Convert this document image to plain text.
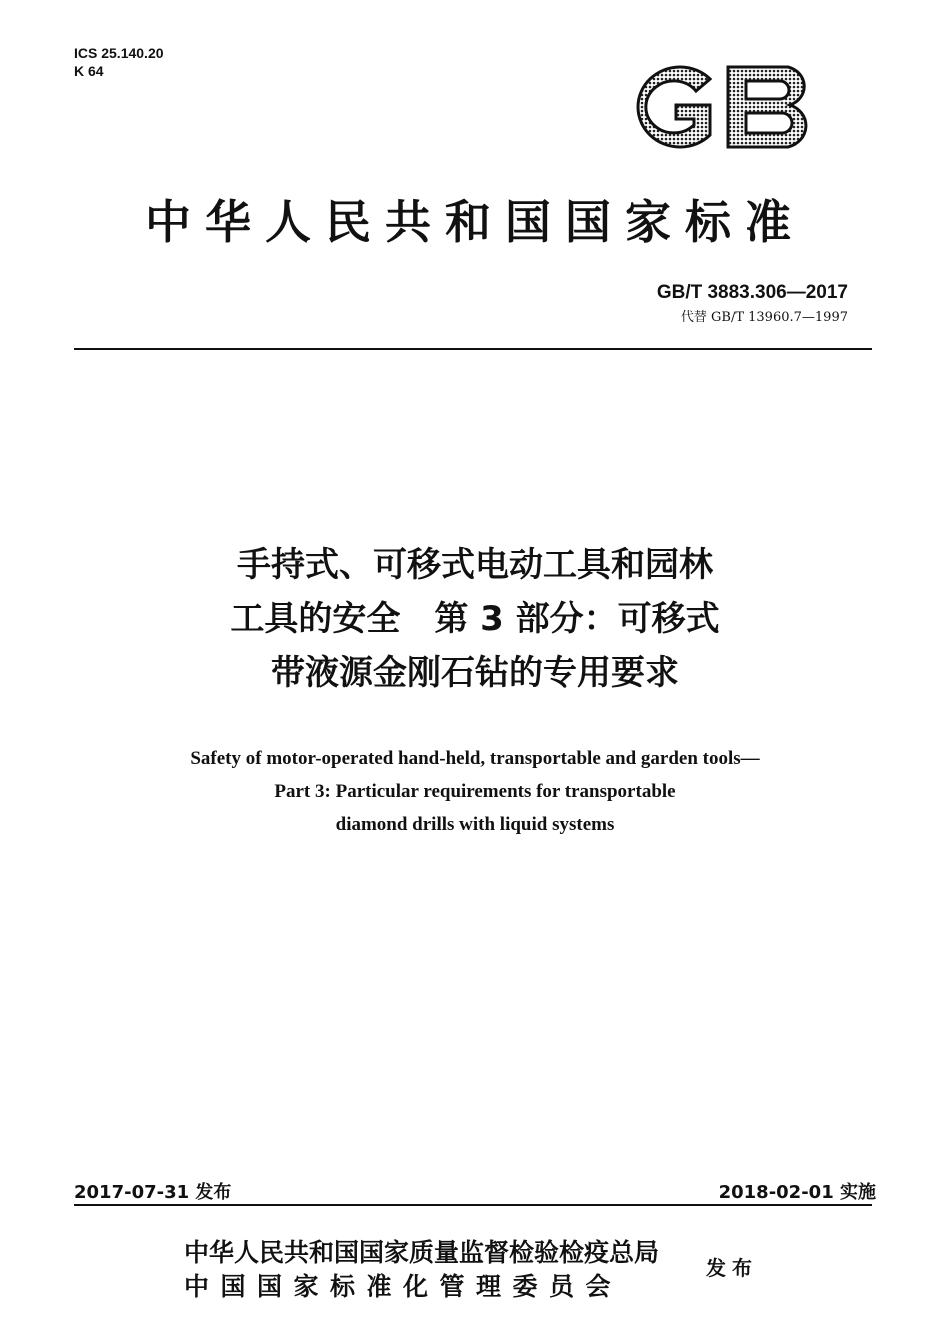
ICS 25.140.20
K 64
中华人民共和国国家标准
GB/T 3883.306—2017
代替 GB/T 13960.7—1997
手持式、可移式电动工具和园林
工具的安全　第 3 部分：可移式
带液源金刚石钻的专用要求
Safety of motor-operated hand-held, transportable and garden tools—
Part 3: Particular requirements for transportable
diamond drills with liquid systems
2017-07-31 发布	2018-02-01 实施
中华人民共和国国家质量监督检验检疫总局
中国国家标准化管理委员会
发布
